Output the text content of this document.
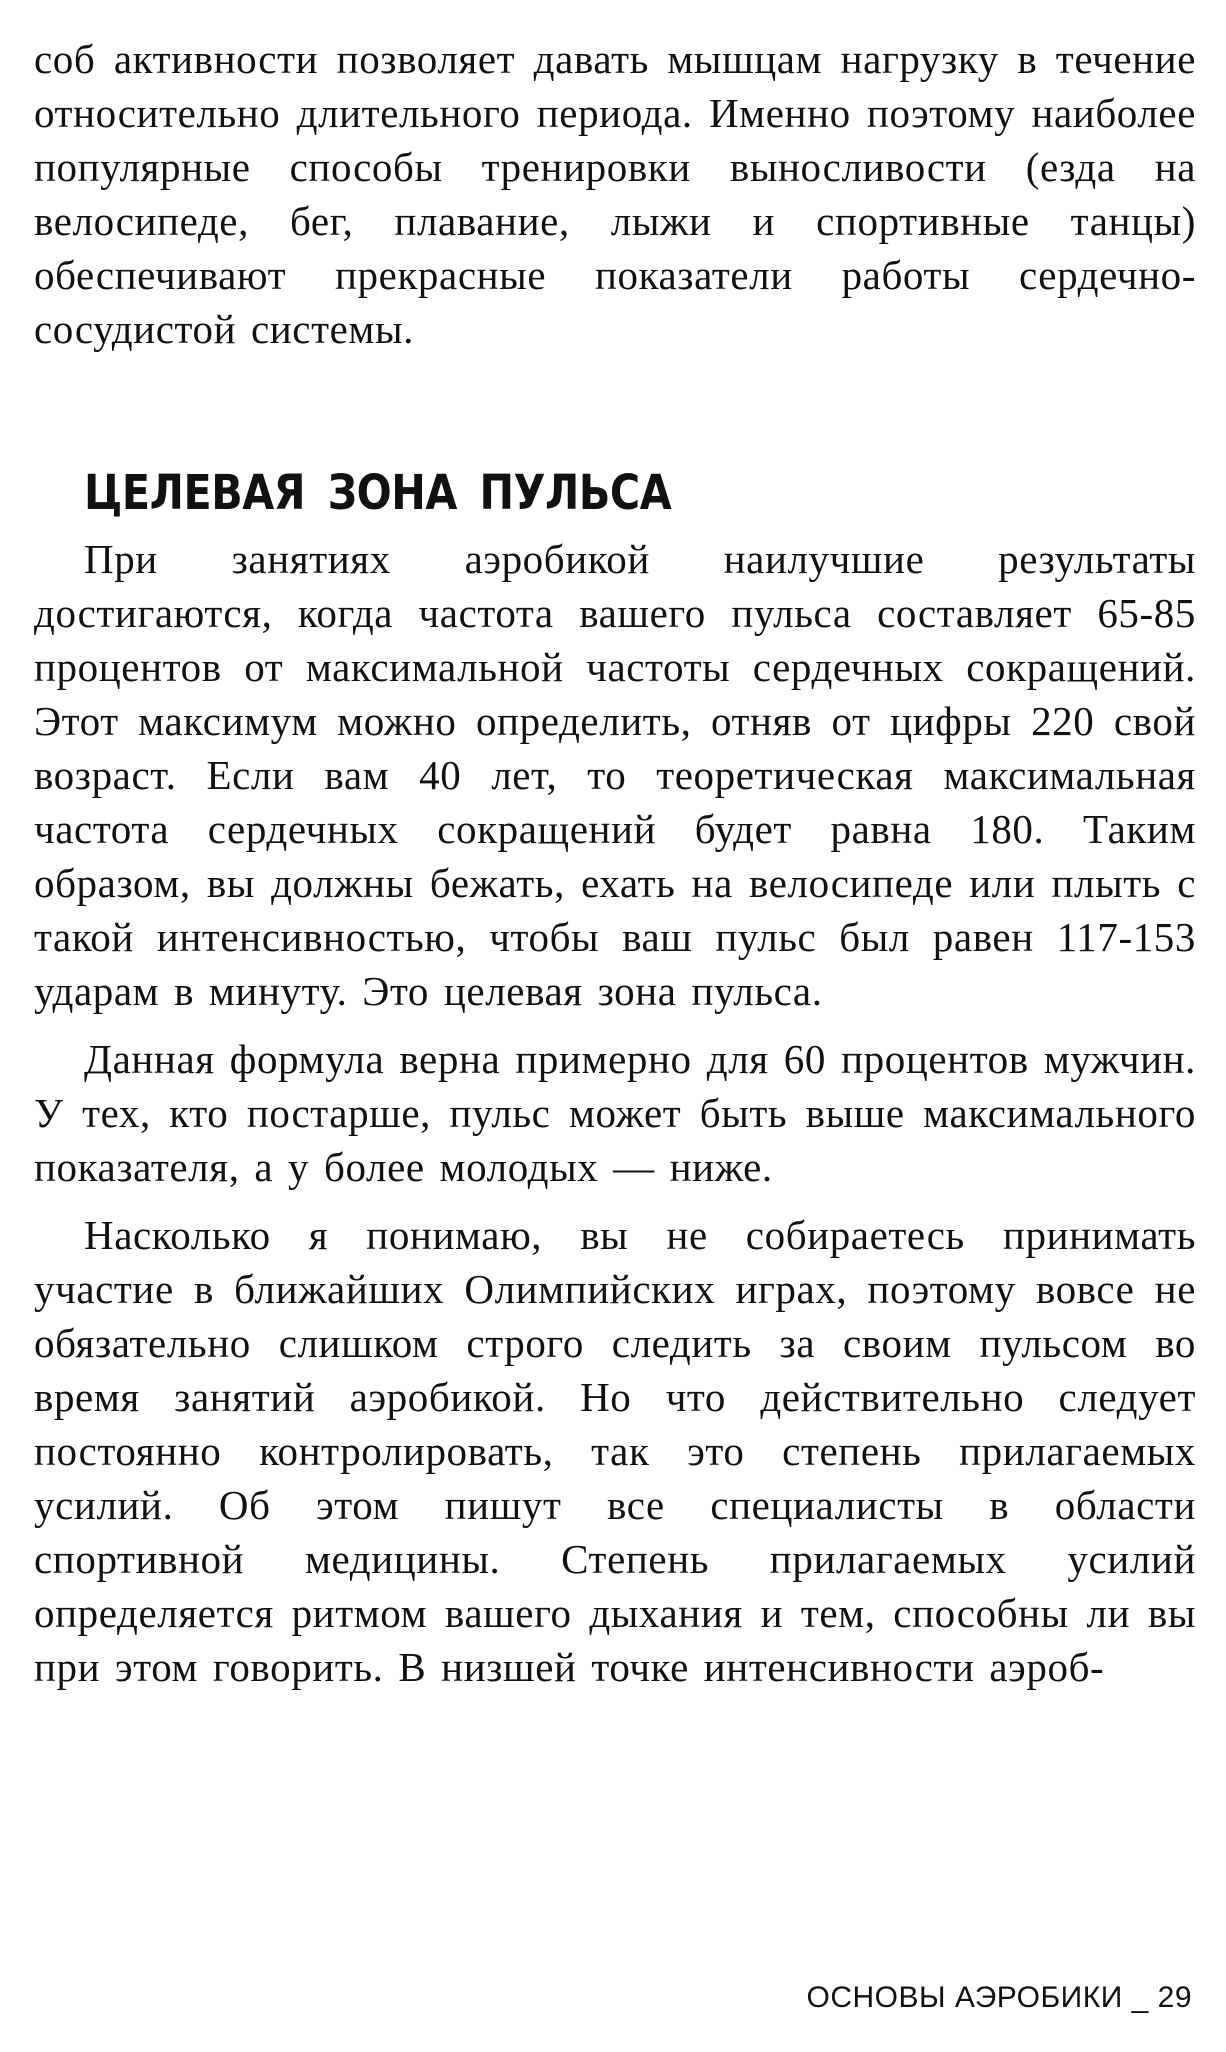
соб активности позволяет давать мышцам нагрузку в течение относительно длительного периода. Именно поэтому наиболее популярные способы тренировки выносливости (езда на велосипеде, бег, плавание, лыжи и спортивные танцы) обеспечивают прекрасные показатели работы сердечно-сосудистой системы.

ЦЕЛЕВАЯ ЗОНА ПУЛЬСА

При занятиях аэробикой наилучшие результаты достигаются, когда частота вашего пульса составляет 65-85 процентов от максимальной частоты сердечных сокращений. Этот максимум можно определить, отняв от цифры 220 свой возраст. Если вам 40 лет, то теоретическая максимальная частота сердечных сокращений будет равна 180. Таким образом, вы должны бежать, ехать на велосипеде или плыть с такой интенсивностью, чтобы ваш пульс был равен 117-153 ударам в минуту. Это целевая зона пульса.

Данная формула верна примерно для 60 процентов мужчин. У тех, кто постарше, пульс может быть выше максимального показателя, а у более молодых — ниже.

Насколько я понимаю, вы не собираетесь принимать участие в ближайших Олимпийских играх, поэтому вовсе не обязательно слишком строго следить за своим пульсом во время занятий аэробикой. Но что действительно следует постоянно контролировать, так это степень прилагаемых усилий. Об этом пишут все специалисты в области спортивной медицины. Степень прилагаемых усилий определяется ритмом вашего дыхания и тем, способны ли вы при этом говорить. В низшей точке интенсивности аэроб-

ОСНОВЫ АЭРОБИКИ _ 29
